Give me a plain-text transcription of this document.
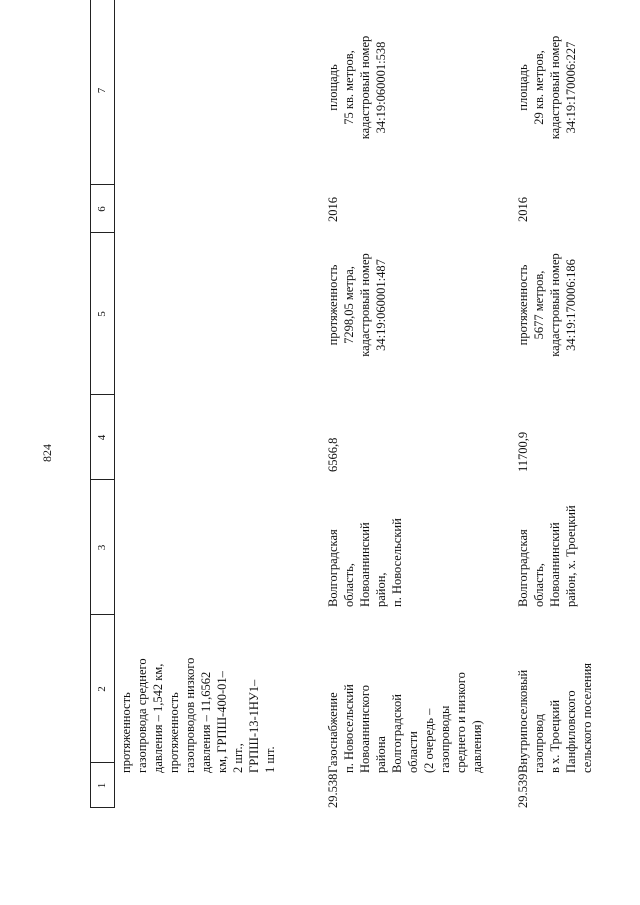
824
1
2
3
4
5
6
7
протяженность
газопровода среднего
давления – 1,542 км,
протяженность
газопроводов низкого
давления – 11,6562
км, ГРПШ-400-01–
2 шт.,
ГРПШ-13-1НУ1–
1 шт.
29.538
Газоснабжение
п. Новосельский
Новоаннинского
района
Волгоградской
области
(2 очередь –
газопроводы
среднего и низкого
давления)
Волгоградская
область,
Новоаннинский
район,
п. Новосельский
6566,8
протяженность
7298,05 метра,
кадастровый номер
34:19:060001:487
2016
площадь
75 кв. метров,
кадастровый номер
34:19:060001:538
29.539
Внутрипоселковый
газопровод
в х. Троецкий
Панфиловского
сельского поселения
Волгоградская
область,
Новоаннинский
район, х. Троецкий
11700,9
протяженность
5677 метров,
кадастровый номер
34:19:170006:186
2016
площадь
29 кв. метров,
кадастровый номер
34:19:170006:227
